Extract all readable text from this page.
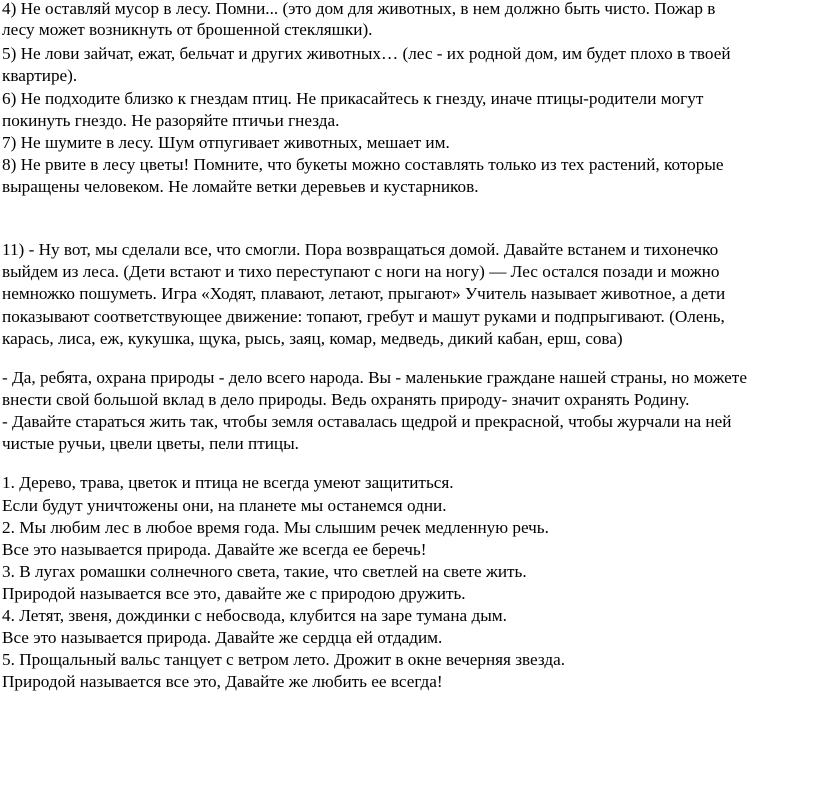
4) Не оставляй мусор в лесу. Помни... (это дом для животных, в нем должно быть чисто. Пожар в
лесу может возникнуть от брошенной стекляшки).
5) Не лови зайчат, ежат, бельчат и других животных… (лес - их родной дом, им будет плохо в твоей
квартире).
6) Не подходите близко к гнездам птиц. Не прикасайтесь к гнезду, иначе птицы-родители могут
покинуть гнездо. Не разоряйте птичьи гнезда.
7) Не шумите в лесу. Шум отпугивает животных, мешает им.
8) Не рвите в лесу цветы! Помните, что букеты можно составлять только из тех растений, которые
выращены человеком. Не ломайте ветки деревьев и кустарников.
11) - Ну вот, мы сделали все, что смогли. Пора возвращаться домой. Давайте встанем и тихонечко
выйдем из леса. (Дети встают и тихо переступают с ноги на ногу) — Лес остался позади и можно
немножко пошуметь. Игра «Ходят, плавают, летают, прыгают» Учитель называет животное, а дети
показывают соответствующее движение: топают, гребут и машут руками и подпрыгивают. (Олень,
карась, лиса, еж, кукушка, щука, рысь, заяц, комар, медведь, дикий кабан, ерш, сова)
- Да, ребята, охрана природы - дело всего народа. Вы - маленькие граждане нашей страны, но можете
внести свой большой вклад в дело природы. Ведь охранять природу- значит охранять Родину.
- Давайте стараться жить так, чтобы земля оставалась щедрой и прекрасной, чтобы журчали на ней
чистые ручьи, цвели цветы, пели птицы.
1. Дерево, трава, цветок и птица не всегда умеют защититься.
Если будут уничтожены они, на планете мы останемся одни.
2. Мы любим лес в любое время года. Мы слышим речек медленную речь.
Все это называется природа. Давайте же всегда ее беречь!
3. В лугах ромашки солнечного света, такие, что светлей на свете жить.
Природой называется все это, давайте же с природою дружить.
4. Летят, звеня, дождинки с небосвода, клубится на заре тумана дым.
Все это называется природа. Давайте же сердца ей отдадим.
5. Прощальный вальс танцует с ветром лето. Дрожит в окне вечерняя звезда.
Природой называется все это, Давайте же любить ее всегда!
